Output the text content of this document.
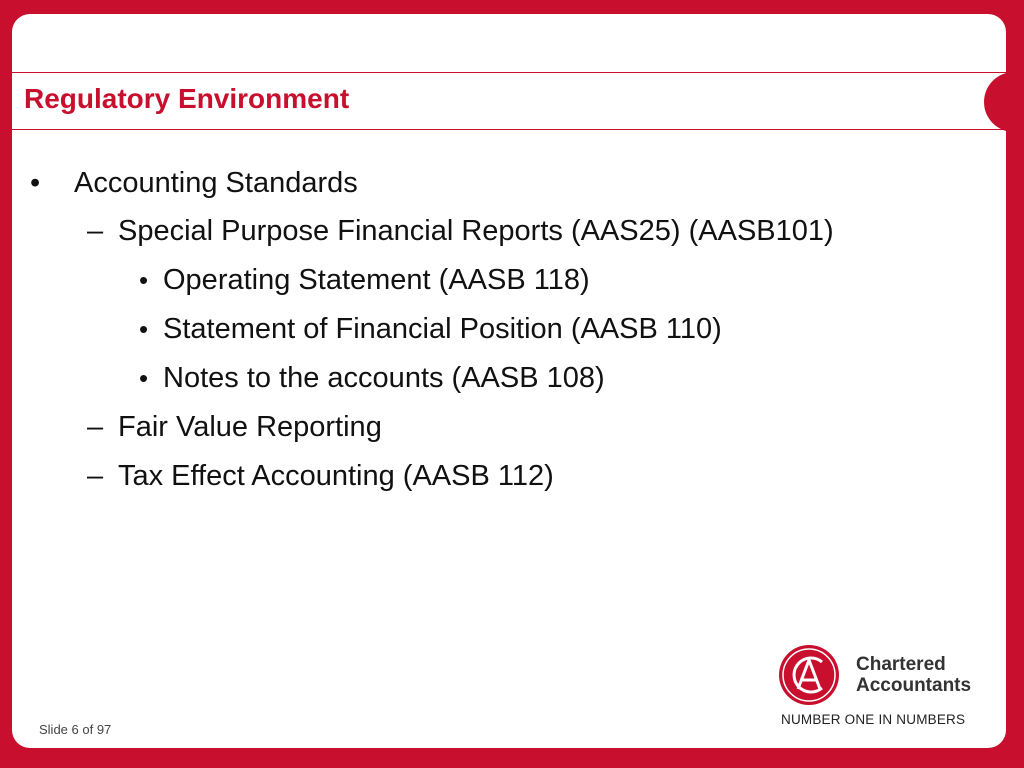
Regulatory Environment
• Accounting Standards
– Special Purpose Financial Reports (AAS25) (AASB101)
• Operating Statement (AASB 118)
• Statement of Financial Position (AASB 110)
• Notes to the accounts (AASB 108)
– Fair Value Reporting
– Tax Effect Accounting (AASB 112)
Chartered
Accountants
NUMBER ONE IN NUMBERS
Slide 6 of 97
